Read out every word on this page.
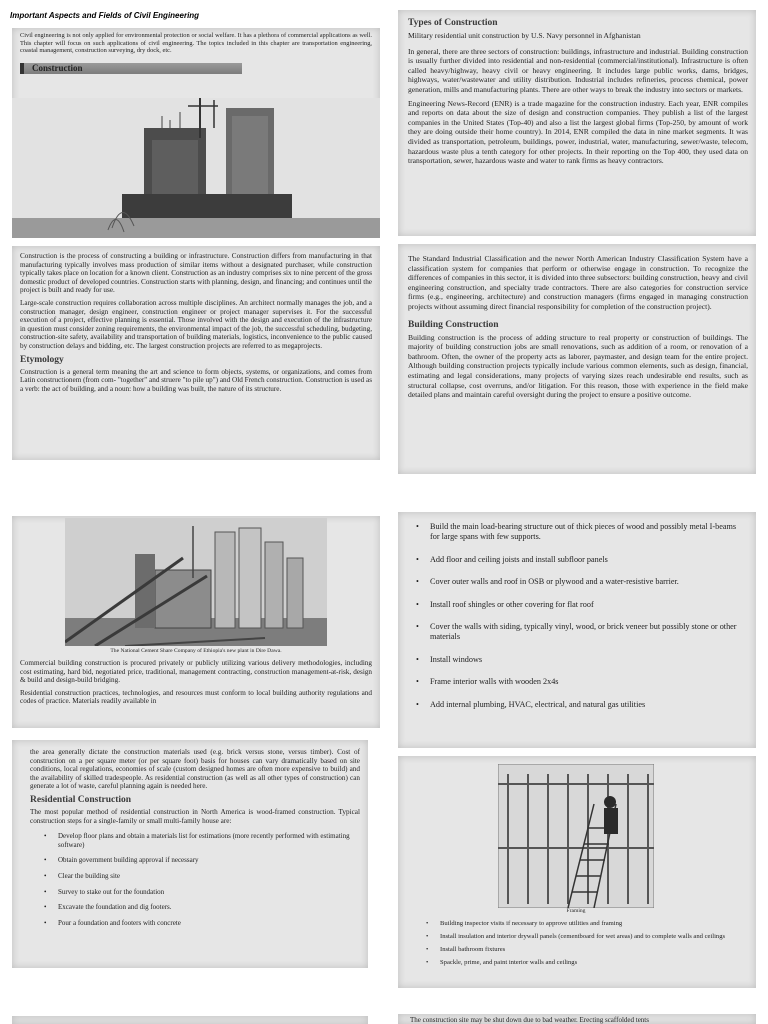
Important Aspects and Fields of Civil Engineering

Civil engineering is not only applied for environmental protection or social welfare. It has a plethora of commercial applications as well. This chapter will focus on such applications of civil engineering. The topics included in this chapter are transportation engineering, coastal management, construction surveying, dry dock, etc.

Construction
Types of Construction

Military residential unit construction by U.S. Navy personnel in Afghanistan

In general, there are three sectors of construction: buildings, infrastructure and industrial. Building construction is usually further divided into residential and non-residential (commercial/institutional). Infrastructure is often called heavy/highway, heavy civil or heavy engineering. It includes large public works, dams, bridges, highways, water/wastewater and utility distribution. Industrial includes refineries, process chemical, power generation, mills and manufacturing plants. There are other ways to break the industry into sectors or markets.

Engineering News-Record (ENR) is a trade magazine for the construction industry. Each year, ENR compiles and reports on data about the size of design and construction companies. They publish a list of the largest companies in the United States (Top-40) and also a list the largest global firms (Top-250, by amount of work they are doing outside their home country). In 2014, ENR compiled the data in nine market segments. It was divided as transportation, petroleum, buildings, power, industrial, water, manufacturing, sewer/waste, telecom, hazardous waste plus a tenth category for other projects. In their reporting on the Top 400, they used data on transportation, sewer, hazardous waste and water to rank firms as heavy contractors.

Construction is the process of constructing a building or infrastructure. Construction differs from manufacturing in that manufacturing typically involves mass production of similar items without a designated purchaser, while construction typically takes place on location for a known client. Construction as an industry comprises six to nine percent of the gross domestic product of developed countries. Construction starts with planning, design, and financing; and continues until the project is built and ready for use.

Large-scale construction requires collaboration across multiple disciplines. An architect normally manages the job, and a construction manager, design engineer, construction engineer or project manager supervises it. For the successful execution of a project, effective planning is essential. Those involved with the design and execution of the infrastructure in question must consider zoning requirements, the environmental impact of the job, the successful scheduling, budgeting, construction-site safety, availability and transportation of building materials, logistics, inconvenience to the public caused by construction delays and bidding, etc. The largest construction projects are referred to as megaprojects.

Etymology

Construction is a general term meaning the art and science to form objects, systems, or organizations, and comes from Latin constructionem (from com- "together" and struere "to pile up") and Old French construction. Construction is used as a verb: the act of building, and a noun: how a building was built, the nature of its structure.

The Standard Industrial Classification and the newer North American Industry Classification System have a classification system for companies that perform or otherwise engage in construction. To recognize the differences of companies in this sector, it is divided into three subsectors: building construction, heavy and civil engineering construction, and specialty trade contractors. There are also categories for construction service firms (e.g., engineering, architecture) and construction managers (firms engaged in managing construction projects without assuming direct financial responsibility for completion of the construction project).

Building Construction

Building construction is the process of adding structure to real property or construction of buildings. The majority of building construction jobs are small renovations, such as addition of a room, or renovation of a bathroom. Often, the owner of the property acts as laborer, paymaster, and design team for the entire project. Although building construction projects typically include various common elements, such as design, financial, estimating and legal considerations, many projects of varying sizes reach undesirable end results, such as structural collapse, cost overruns, and/or litigation. For this reason, those with experience in the field make detailed plans and maintain careful oversight during the project to ensure a positive outcome.

The National Cement Share Company of Ethiopia's new plant in Dire Dawa.

Commercial building construction is procured privately or publicly utilizing various delivery methodologies, including cost estimating, hard bid, negotiated price, traditional, management contracting, construction management-at-risk, design & build and design-build bridging.

Residential construction practices, technologies, and resources must conform to local building authority regulations and codes of practice. Materials readily available in

• Build the main load-bearing structure out of thick pieces of wood and possibly metal I-beams for large spans with few supports.
• Add floor and ceiling joists and install subfloor panels
• Cover outer walls and roof in OSB or plywood and a water-resistive barrier.
• Install roof shingles or other covering for flat roof
• Cover the walls with siding, typically vinyl, wood, or brick veneer but possibly stone or other materials
• Install windows
• Frame interior walls with wooden 2x4s
• Add internal plumbing, HVAC, electrical, and natural gas utilities

the area generally dictate the construction materials used (e.g. brick versus stone, versus timber). Cost of construction on a per square meter (or per square foot) basis for houses can vary dramatically based on site conditions, local regulations, economies of scale (custom designed homes are often more expensive to build) and the availability of skilled tradespeople. As residential construction (as well as all other types of construction) can generate a lot of waste, careful planning again is needed here.

Residential Construction

The most popular method of residential construction in North America is wood-framed construction. Typical construction steps for a single-family or small multi-family house are:

• Develop floor plans and obtain a materials list for estimations (more recently performed with estimating software)
• Obtain government building approval if necessary
• Clear the building site
• Survey to stake out for the foundation
• Excavate the foundation and dig footers.
• Pour a foundation and footers with concrete
Framing
• Building inspector visits if necessary to approve utilities and framing
• Install insulation and interior drywall panels (cementboard for wet areas) and to complete walls and ceilings
• Install bathroom fixtures
• Spackle, prime, and paint interior walls and ceilings
The construction site may be shut down due to bad weather. Erecting scaffolded tents
